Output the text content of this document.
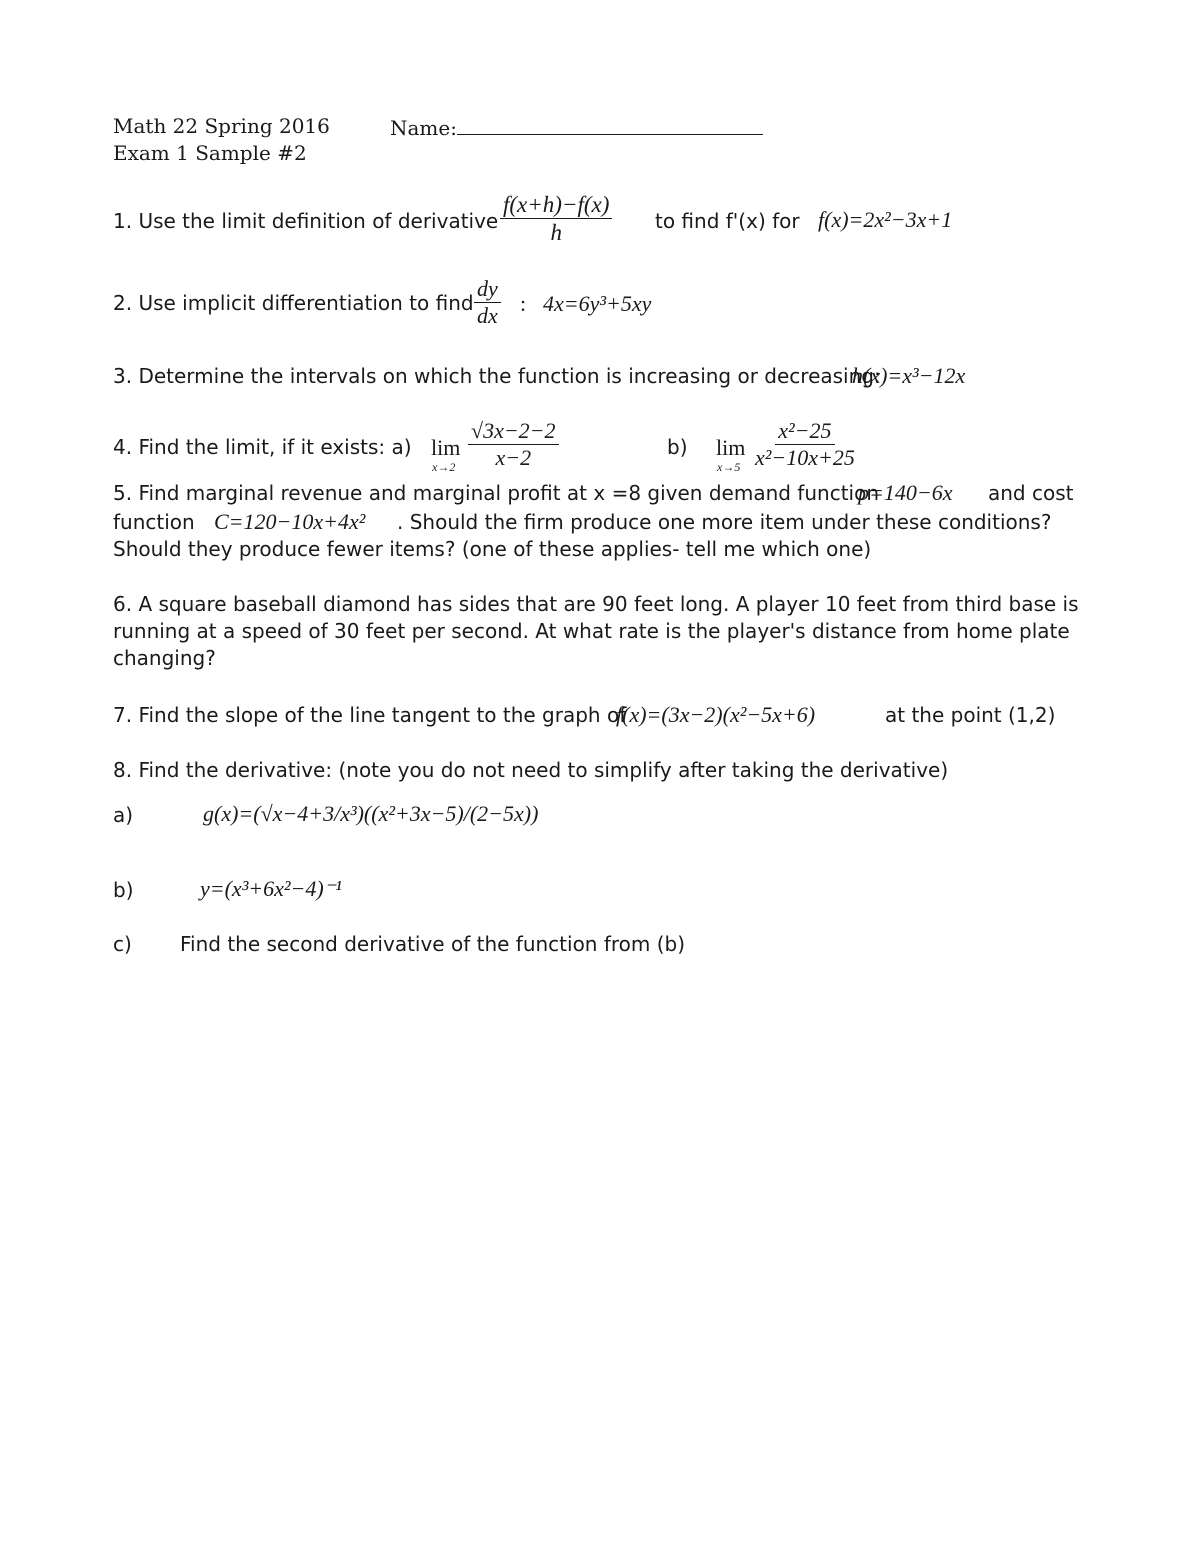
Math 22 Spring 2016	Name:
Exam 1 Sample #2
1. Use the limit definition of derivative $\frac{f(x+h)-f(x)}{h}$ to find f'(x) for f(x)=2x²−3x+1
2. Use implicit differentiation to find $\frac{dy}{dx}$ : 4x=6y³+5xy
3. Determine the intervals on which the function is increasing or decreasing:
h(x)=x³−12x
4. Find the limit, if it exists: a) lim
$x\to 2 \frac{√3x-2-2}{x-2}$	b) lim
$x\to 5 \frac{\text{x²−25}}{\text{x²−10x+25}}$
5. Find marginal revenue and marginal profit at x =8 given demand function
p=140−6x and cost
function C=120−10x+4x² . Should the firm produce one more item under these conditions?
Should they produce fewer items? (one of these applies- tell me which one)
6. A square baseball diamond has sides that are 90 feet long. A player 10 feet from third base is
running at a speed of 30 feet per second. At what rate is the player's distance from home plate
changing?
7. Find the slope of the line tangent to the graph of
f(x)=(3x−2)(x²−5x+6)	at the point (1,2)
8. Find the derivative: (note you do not need to simplify after taking the derivative)
a)	g(x)=(√x−4+3/x³)((x²+3x−5)/(2−5x))
b)	y=(x³+6x²−4)⁻¹
c) Find the second derivative of the function from (b)
